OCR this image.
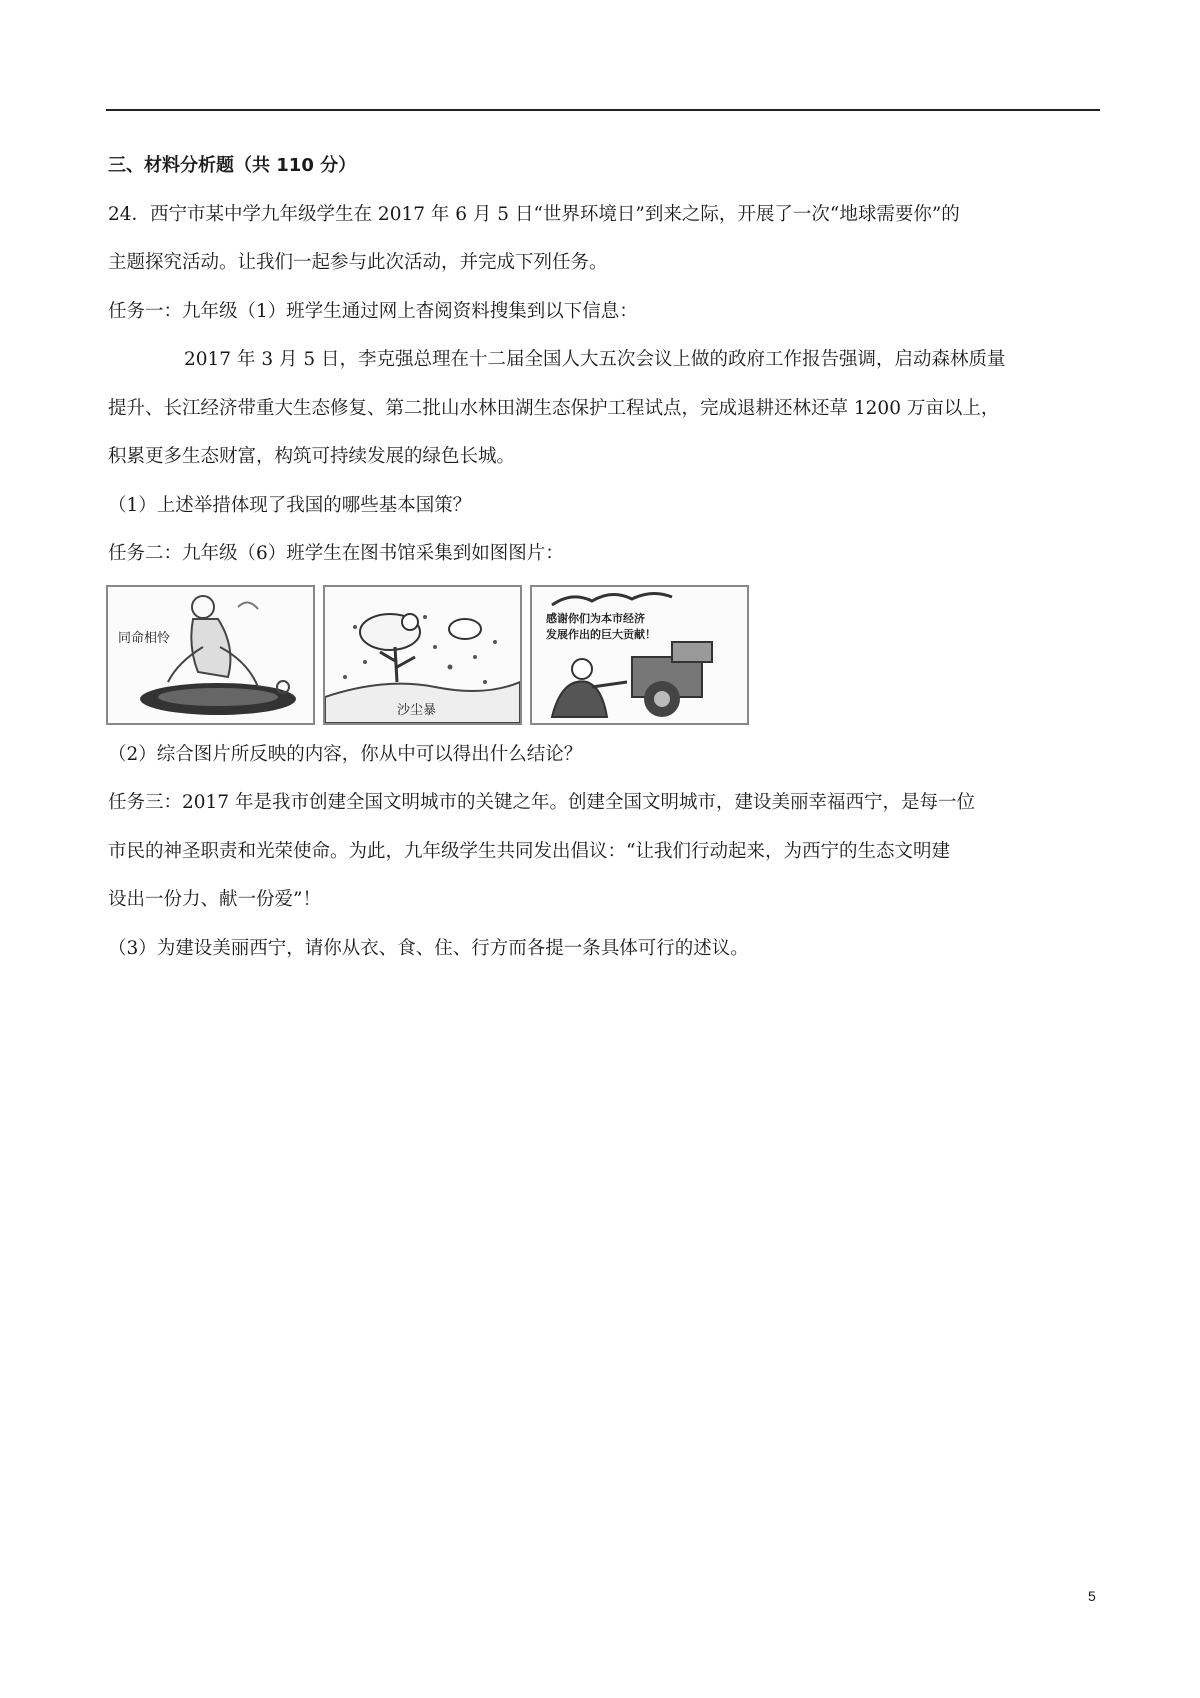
三、材料分析题（共 110 分）
24．西宁市某中学九年级学生在 2017 年 6 月 5 日“世界环境日”到来之际，开展了一次“地球需要你”的
主题探究活动。让我们一起参与此次活动，并完成下列任务。
任务一：九年级（1）班学生通过网上杳阅资料搜集到以下信息：
2017 年 3 月 5 日，李克强总理在十二届全国人大五次会议上做的政府工作报告强调，启动森林质量
提升、长江经济带重大生态修复、第二批山水林田湖生态保护工程试点，完成退耕还林还草 1200 万亩以上，
积累更多生态财富，构筑可持续发展的绿色长城。
（1）上述举措体现了我国的哪些基本国策？
任务二：九年级（6）班学生在图书馆采集到如图图片：
同命相怜
沙尘暴
感谢你们为本市经济
发展作出的巨大贡献！
（2）综合图片所反映的内容，你从中可以得出什么结论？
任务三：2017 年是我市创建全国文明城市的关键之年。创建全国文明城市，建设美丽幸福西宁，是每一位
市民的神圣职责和光荣使命。为此，九年级学生共同发出倡议：“让我们行动起来，为西宁的生态文明建
设出一份力、献一份爱”！
（3）为建设美丽西宁，请你从衣、食、住、行方而各提一条具体可行的述议。
5
